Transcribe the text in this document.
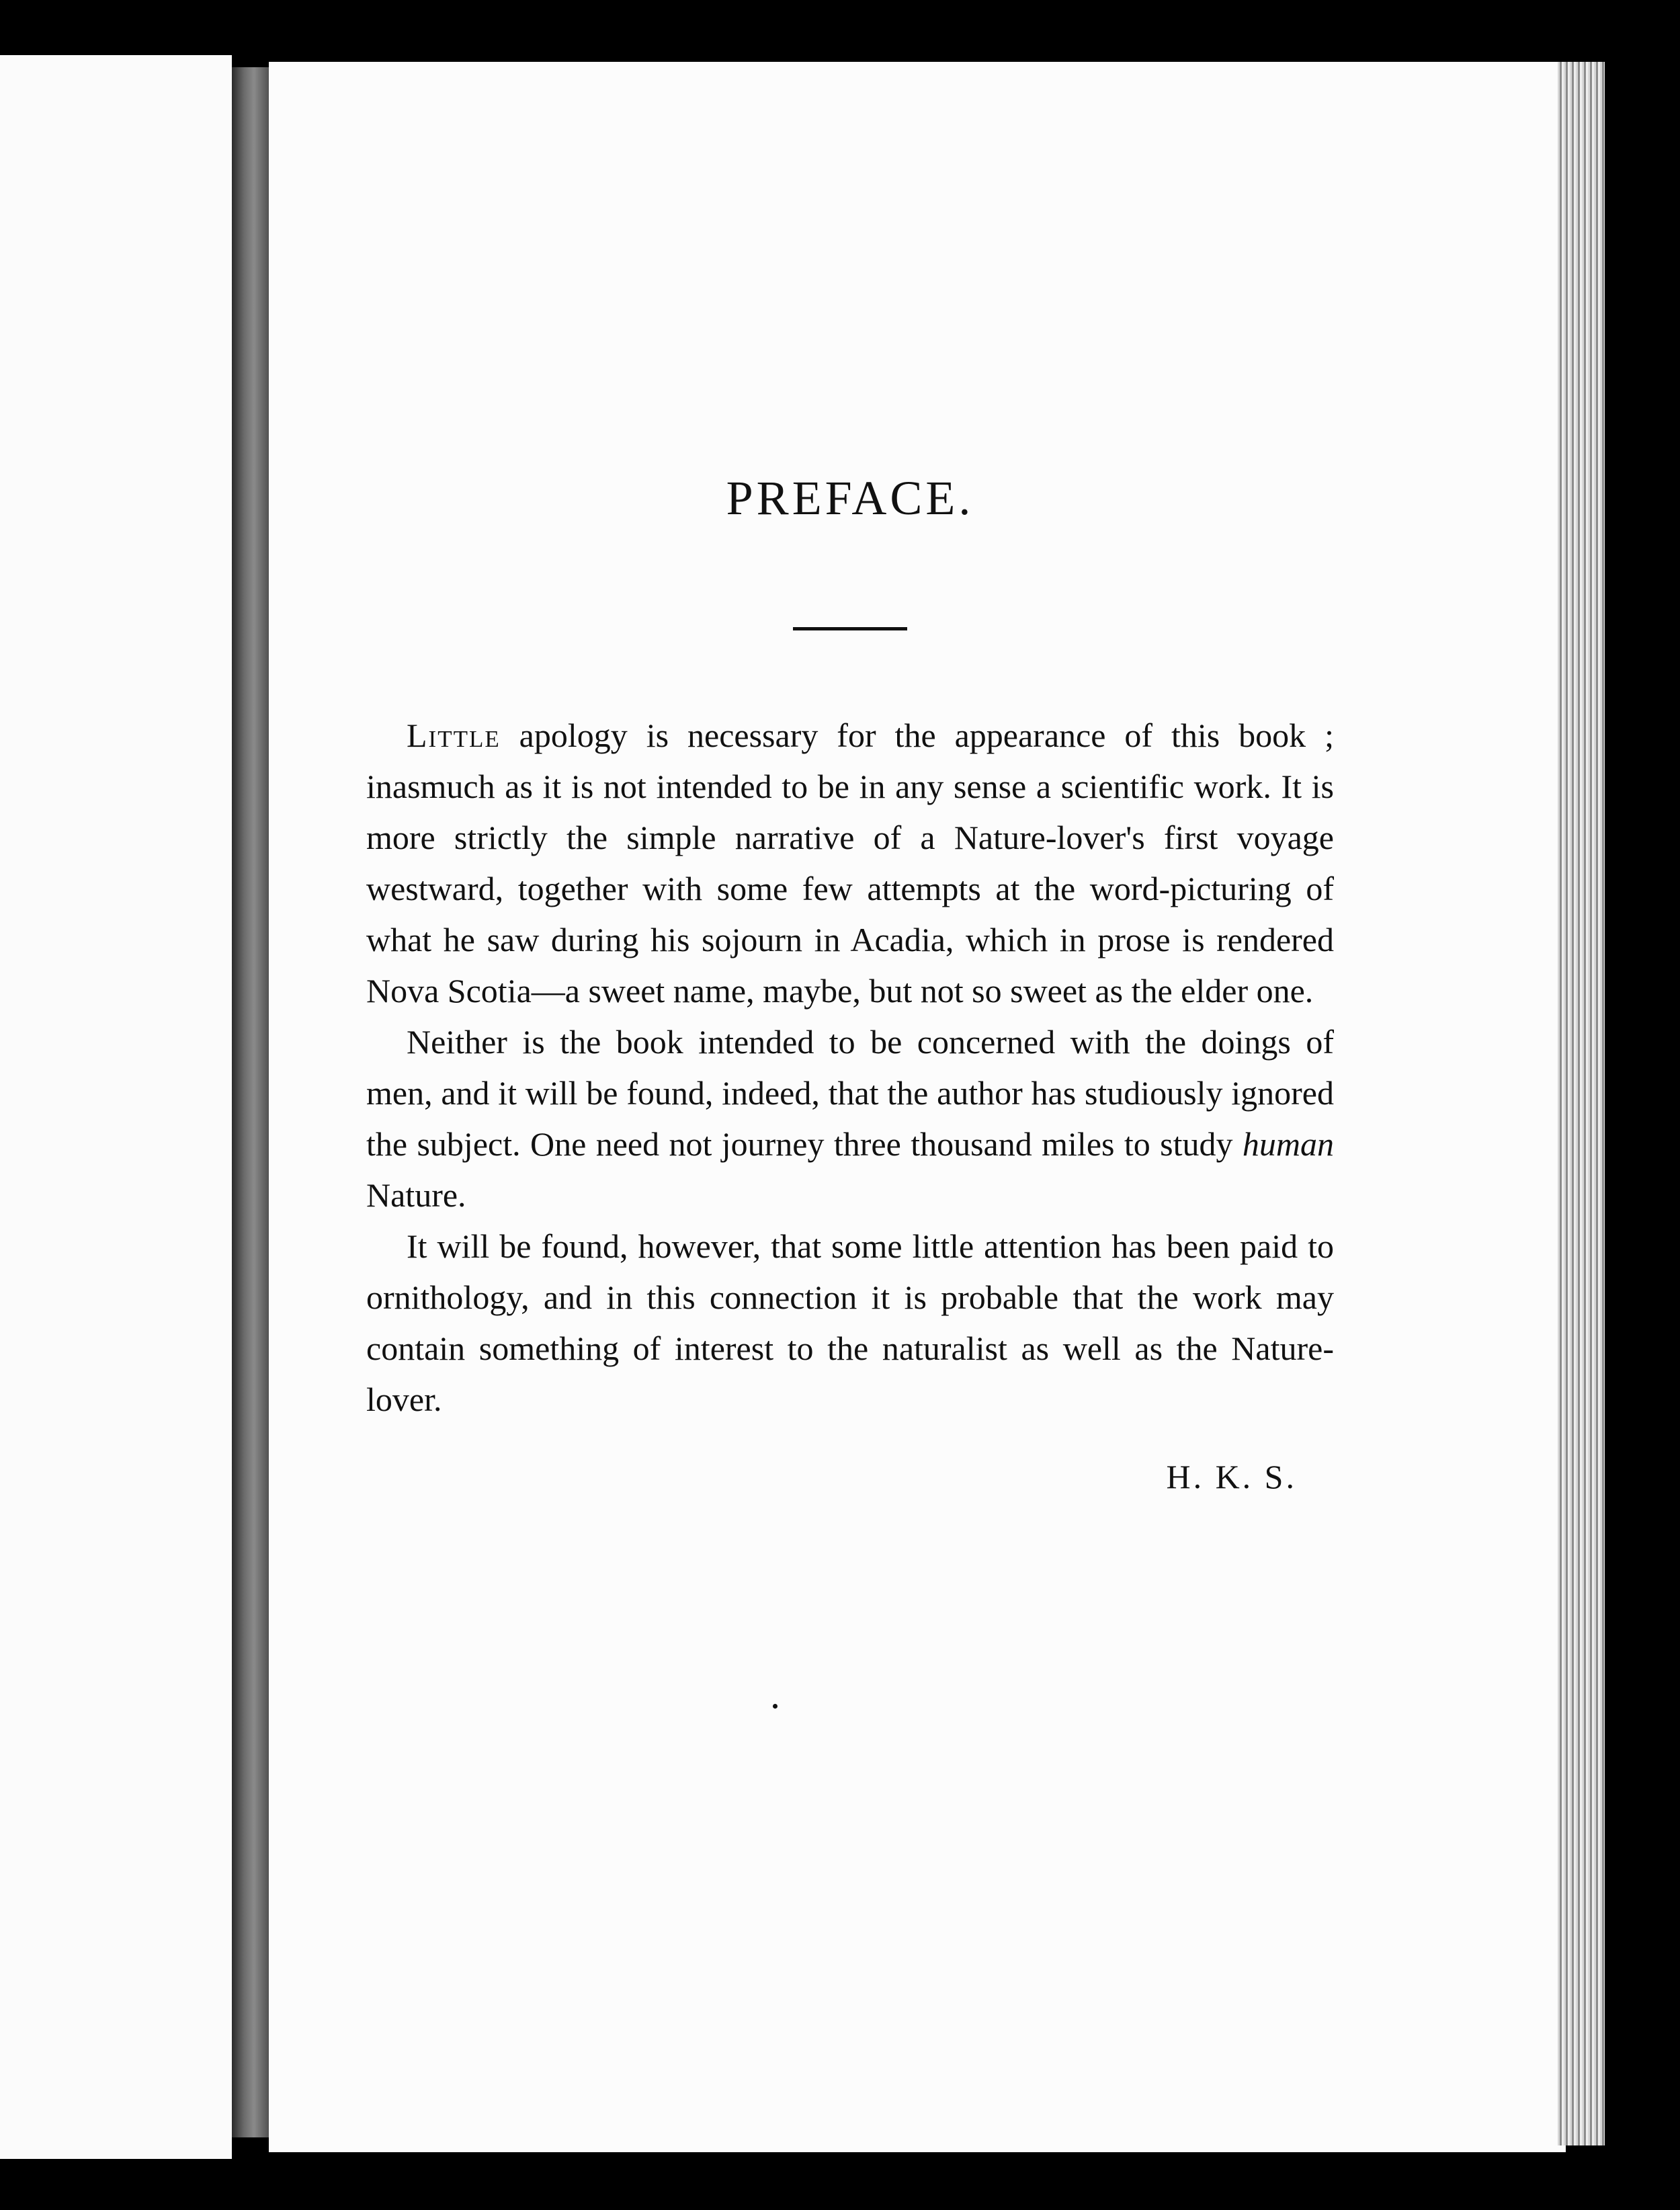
PREFACE.

Little apology is necessary for the appearance of this book ; inasmuch as it is not intended to be in any sense a scientific work. It is more strictly the simple narrative of a Nature-lover's first voyage westward, together with some few attempts at the word-picturing of what he saw during his sojourn in Acadia, which in prose is rendered Nova Scotia—a sweet name, maybe, but not so sweet as the elder one.

Neither is the book intended to be concerned with the doings of men, and it will be found, indeed, that the author has studiously ignored the subject. One need not journey three thousand miles to study human Nature.

It will be found, however, that some little attention has been paid to ornithology, and in this connection it is probable that the work may contain something of interest to the naturalist as well as the Nature-lover.

H. K. S.
